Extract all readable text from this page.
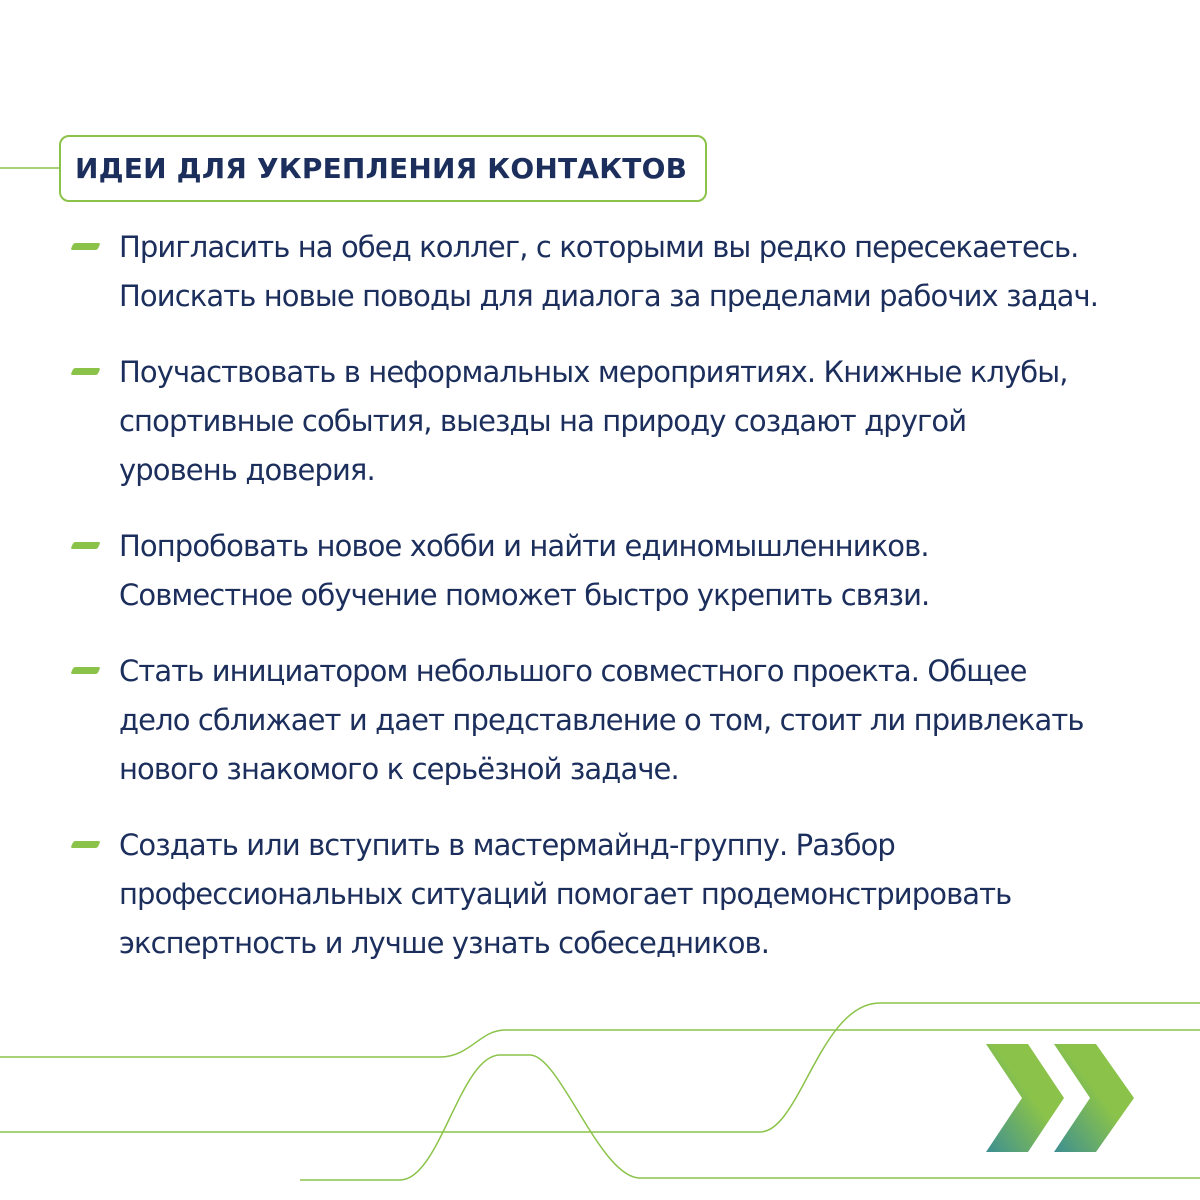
ИДЕИ ДЛЯ УКРЕПЛЕНИЯ КОНТАКТОВ

Пригласить на обед коллег, с которыми вы редко пересекаетесь.
Поискать новые поводы для диалога за пределами рабочих задач.

Поучаствовать в неформальных мероприятиях. Книжные клубы,
спортивные события, выезды на природу создают другой
уровень доверия.

Попробовать новое хобби и найти единомышленников.
Совместное обучение поможет быстро укрепить связи.

Стать инициатором небольшого совместного проекта. Общее
дело сближает и дает представление о том, стоит ли привлекать
нового знакомого к серьёзной задаче.

Создать или вступить в мастермайнд-группу. Разбор
профессиональных ситуаций помогает продемонстрировать
экспертность и лучше узнать собеседников.
